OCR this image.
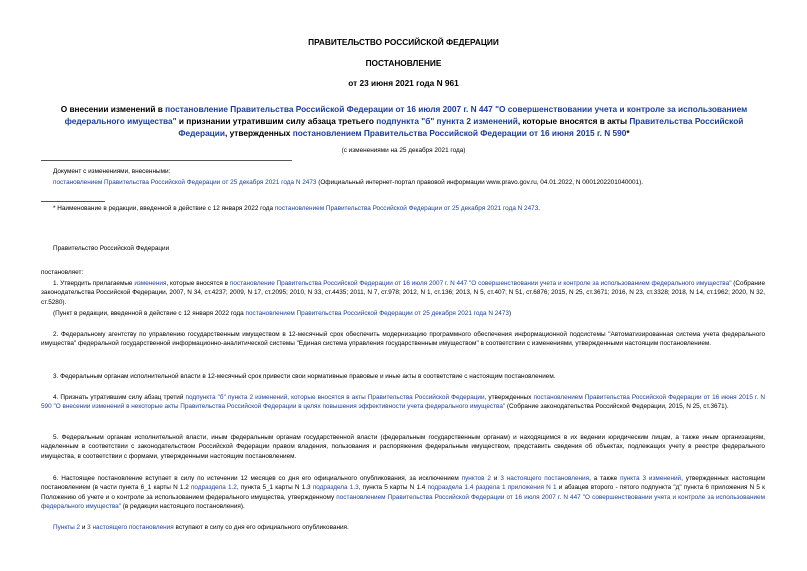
ПРАВИТЕЛЬСТВО РОССИЙСКОЙ ФЕДЕРАЦИИ
ПОСТАНОВЛЕНИЕ
от 23 июня 2021 года N 961
О внесении изменений в постановление Правительства Российской Федерации от 16 июля 2007 г. N 447 "О совершенствовании учета и контроле за использованием федерального имущества" и признании утратившим силу абзаца третьего подпункта "б" пункта 2 изменений, которые вносятся в акты Правительства Российской Федерации, утвержденных постановлением Правительства Российской Федерации от 16 июня 2015 г. N 590*
(с изменениями на 25 декабря 2021 года)
Документ с изменениями, внесенными:
постановлением Правительства Российской Федерации от 25 декабря 2021 года N 2473 (Официальный интернет-портал правовой информации www.pravo.gov.ru, 04.01.2022, N 0001202201040001).
* Наименование в редакции, введенной в действие с 12 января 2022 года постановлением Правительства Российской Федерации от 25 декабря 2021 года N 2473.
Правительство Российской Федерации
постановляет:
1. Утвердить прилагаемые изменения, которые вносятся в постановление Правительства Российской Федерации от 16 июля 2007 г. N 447 "О совершенствовании учета и контроле за использованием федерального имущества" (Собрание законодательства Российской Федерации, 2007, N 34, ст.4237; 2009, N 17, ст.2095; 2010, N 33, ст.4435; 2011, N 7, ст.978; 2012, N 1, ст.136; 2013, N 5, ст.407; N 51, ст.6876; 2015, N 25, ст.3671; 2016, N 23, ст.3328; 2018, N 14, ст.1962; 2020, N 32, ст.5280).
(Пункт в редакции, введенной в действие с 12 января 2022 года постановлением Правительства Российской Федерации от 25 декабря 2021 года N 2473)
2. Федеральному агентству по управлению государственным имуществом в 12-месячный срок обеспечить модернизацию программного обеспечения информационной подсистемы "Автоматизированная система учета федерального имущества" федеральной государственной информационно-аналитической системы "Единая система управления государственным имуществом" в соответствии с изменениями, утвержденными настоящим постановлением.
3. Федеральным органам исполнительной власти в 12-месячный срок привести свои нормативные правовые и иные акты в соответствие с настоящим постановлением.
4. Признать утратившим силу абзац третий подпункта "б" пункта 2 изменений, которые вносятся в акты Правительства Российской Федерации, утвержденных постановлением Правительства Российской Федерации от 16 июня 2015 г. N 590 "О внесении изменений в некоторые акты Правительства Российской Федерации в целях повышения эффективности учета федерального имущества" (Собрание законодательства Российской Федерации, 2015, N 25, ст.3671).
5. Федеральным органам исполнительной власти, иным федеральным органам государственной власти (федеральным государственным органам) и находящимся в их ведении юридическим лицам, а также иным организациям, наделенным в соответствии с законодательством Российской Федерации правом владения, пользования и распоряжения федеральным имуществом, представить сведения об объектах, подлежащих учету в реестре федерального имущества, в соответствии с формами, утвержденными настоящим постановлением.
6. Настоящее постановление вступает в силу по истечении 12 месяцев со дня его официального опубликования, за исключением пунктов 2 и 3 настоящего постановления, а также пункта 3 изменений, утвержденных настоящим постановлением (в части пункта 6_1 карты N 1.2 подраздела 1.2, пункта 5_1 карты N 1.3 подраздела 1.3, пункта 5 карты N 1.4 подраздела 1.4 раздела 1 приложения N 1 и абзацев второго - пятого подпункта "д" пункта 6 приложения N 5 к Положению об учете и о контроле за использованием федерального имущества, утвержденному постановлением Правительства Российской Федерации от 16 июля 2007 г. N 447 "О совершенствовании учета и контроле за использованием федерального имущества" (в редакции настоящего постановления).
Пункты 2 и 3 настоящего постановления вступают в силу со дня его официального опубликования.
